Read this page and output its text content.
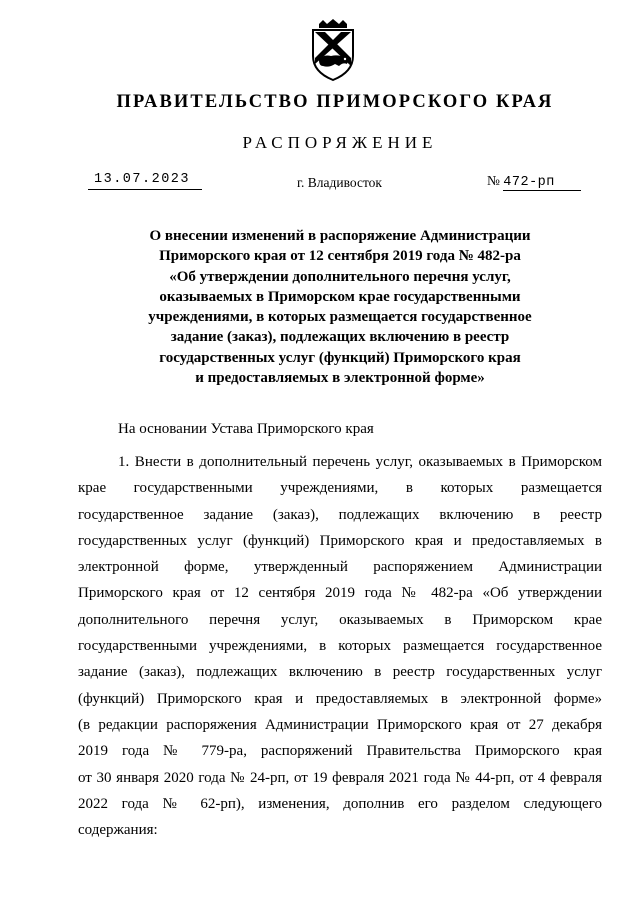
ПРАВИТЕЛЬСТВО ПРИМОРСКОГО КРАЯ
РАСПОРЯЖЕНИЕ
13.07.2023	г. Владивосток	№ 472-рп
О внесении изменений в распоряжение Администрации
Приморского края от 12 сентября 2019 года № 482-ра
«Об утверждении дополнительного перечня услуг,
оказываемых в Приморском крае государственными
учреждениями, в которых размещается государственное
задание (заказ), подлежащих включению в реестр
государственных услуг (функций) Приморского края
и предоставляемых в электронной форме»
На основании Устава Приморского края
1. Внести в дополнительный перечень услуг, оказываемых в Приморском
крае государственными учреждениями, в которых размещается
государственное задание (заказ), подлежащих включению в реестр
государственных услуг (функций) Приморского края и предоставляемых в
электронной форме, утвержденный распоряжением Администрации
Приморского края от 12 сентября 2019 года № 482-ра «Об утверждении
дополнительного перечня услуг, оказываемых в Приморском крае
государственными учреждениями, в которых размещается государственное
задание (заказ), подлежащих включению в реестр государственных услуг
(функций) Приморского края и предоставляемых в электронной форме»
(в редакции распоряжения Администрации Приморского края от 27 декабря
2019 года № 779-ра, распоряжений Правительства Приморского края
от 30 января 2020 года № 24-рп, от 19 февраля 2021 года № 44-рп, от 4 февраля
2022 года № 62-рп), изменения, дополнив его разделом следующего
содержания:
